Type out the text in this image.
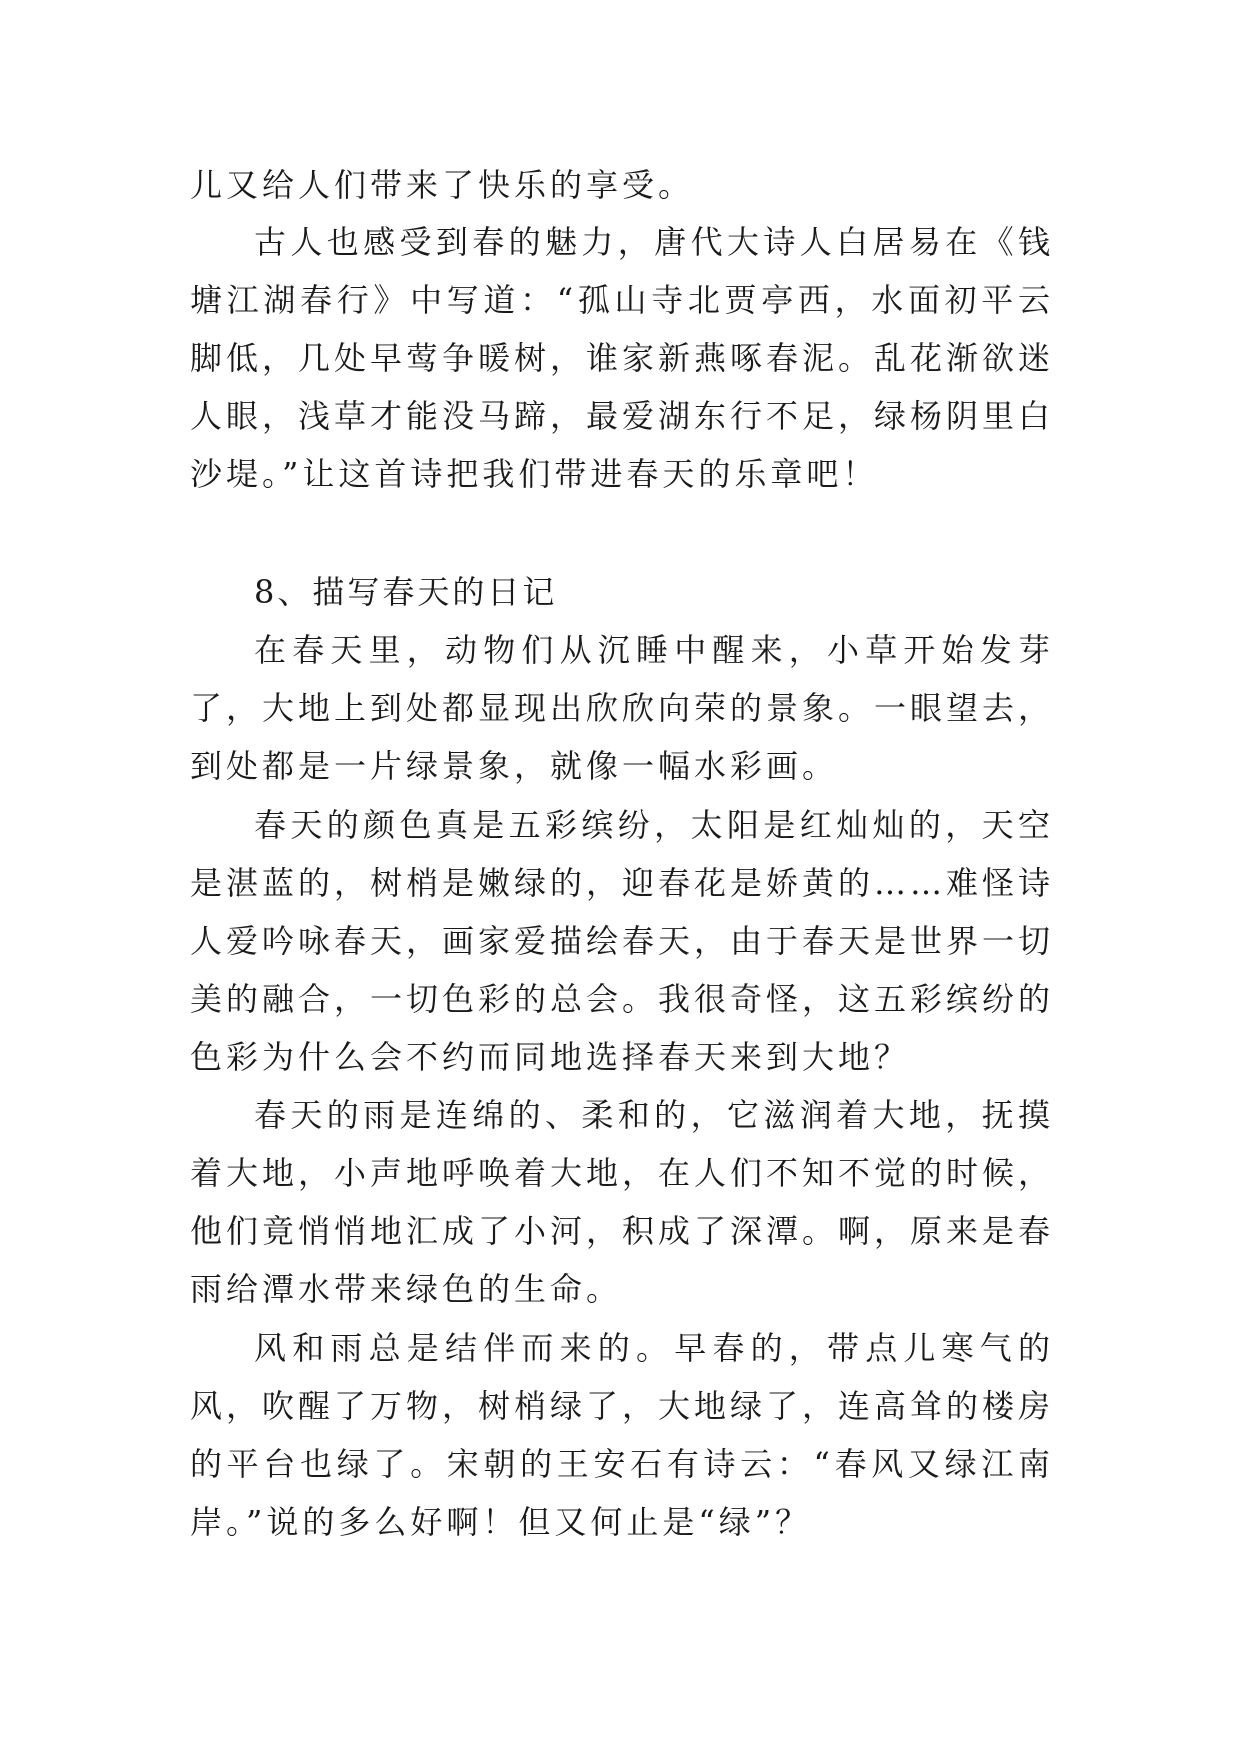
儿又给人们带来了快乐的享受。

古人也感受到春的魅力，唐代大诗人白居易在《钱塘江湖春行》中写道：“孤山寺北贾亭西，水面初平云脚低，几处早莺争暖树，谁家新燕啄春泥。乱花渐欲迷人眼，浅草才能没马蹄，最爱湖东行不足，绿杨阴里白沙堤。”让这首诗把我们带进春天的乐章吧！

8、描写春天的日记

在春天里，动物们从沉睡中醒来，小草开始发芽了，大地上到处都显现出欣欣向荣的景象。一眼望去，到处都是一片绿景象，就像一幅水彩画。

春天的颜色真是五彩缤纷，太阳是红灿灿的，天空是湛蓝的，树梢是嫩绿的，迎春花是娇黄的……难怪诗人爱吟咏春天，画家爱描绘春天，由于春天是世界一切美的融合，一切色彩的总会。我很奇怪，这五彩缤纷的色彩为什么会不约而同地选择春天来到大地？

春天的雨是连绵的、柔和的，它滋润着大地，抚摸着大地，小声地呼唤着大地，在人们不知不觉的时候，他们竟悄悄地汇成了小河，积成了深潭。啊，原来是春雨给潭水带来绿色的生命。

风和雨总是结伴而来的。早春的，带点儿寒气的风，吹醒了万物，树梢绿了，大地绿了，连高耸的楼房的平台也绿了。宋朝的王安石有诗云：“春风又绿江南岸。”说的多么好啊！但又何止是“绿”？
